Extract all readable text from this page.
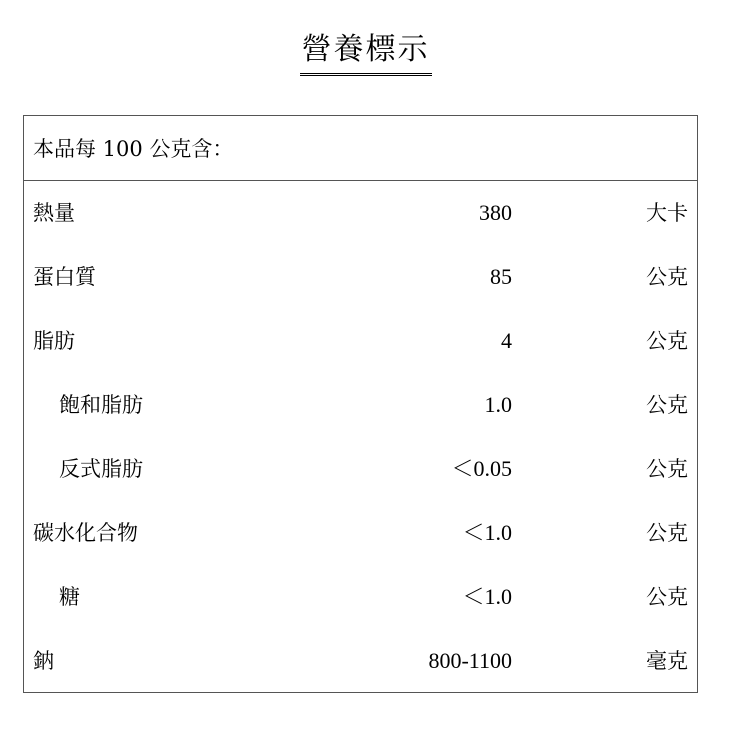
營養標示
本品每 100 公克含：
熱量	380	大卡
蛋白質	85	公克
脂肪	4	公克
飽和脂肪	1.0	公克
反式脂肪	＜0.05	公克
碳水化合物	＜1.0	公克
糖	＜1.0	公克
鈉	800-1100	毫克
